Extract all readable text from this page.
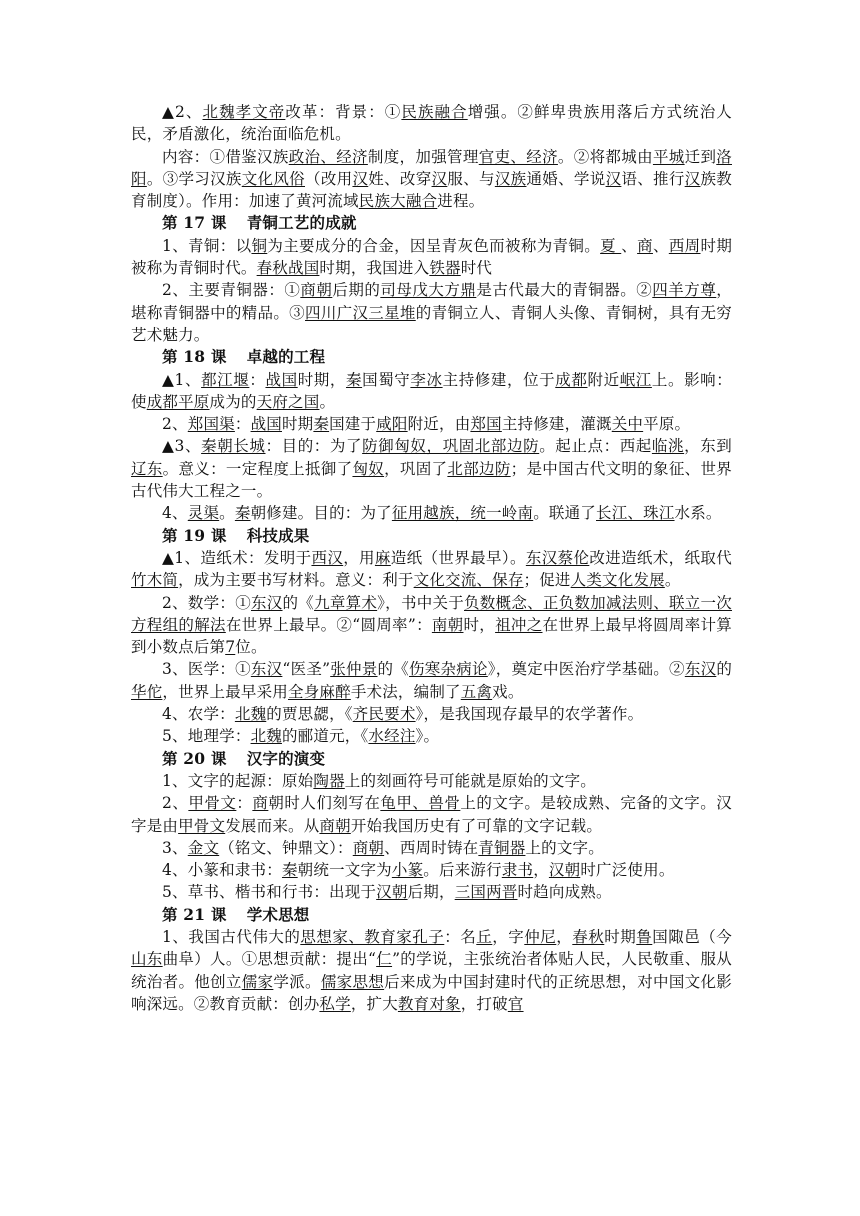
▲2、北魏孝文帝改革：背景：①民族融合增强。②鲜卑贵族用落后方式统治人民，矛盾激化，统治面临危机。

内容：①借鉴汉族政治、经济制度，加强管理官吏、经济。②将都城由平城迁到洛阳。③学习汉族文化风俗（改用汉姓、改穿汉服、与汉族通婚、学说汉语、推行汉族教育制度）。作用：加速了黄河流域民族大融合进程。

第 17 课 青铜工艺的成就

1、青铜：以铜为主要成分的合金，因呈青灰色而被称为青铜。夏 、商、西周时期被称为青铜时代。春秋战国时期，我国进入铁器时代

2、主要青铜器：①商朝后期的司母戊大方鼎是古代最大的青铜器。②四羊方尊，堪称青铜器中的精品。③四川广汉三星堆的青铜立人、青铜人头像、青铜树，具有无穷艺术魅力。

第 18 课 卓越的工程

▲1、都江堰：战国时期，秦国蜀守李冰主持修建，位于成都附近岷江上。影响：使成都平原成为的天府之国。

2、郑国渠：战国时期秦国建于咸阳附近，由郑国主持修建，灌溉关中平原。

▲3、秦朝长城：目的：为了防御匈奴，巩固北部边防。起止点：西起临洮，东到辽东。意义：一定程度上抵御了匈奴，巩固了北部边防；是中国古代文明的象征、世界古代伟大工程之一。

4、灵渠。秦朝修建。目的：为了征用越族，统一岭南。联通了长江、珠江水系。

第 19 课 科技成果

▲1、造纸术：发明于西汉，用麻造纸（世界最早）。东汉蔡伦改进造纸术，纸取代竹木简，成为主要书写材料。意义：利于文化交流、保存；促进人类文化发展。

2、数学：①东汉的《九章算术》，书中关于负数概念、正负数加减法则、联立一次方程组的解法在世界上最早。②“圆周率”：南朝时，祖冲之在世界上最早将圆周率计算到小数点后第7位。

3、医学：①东汉“医圣”张仲景的《伤寒杂病论》，奠定中医治疗学基础。②东汉的华佗，世界上最早采用全身麻醉手术法，编制了五禽戏。

4、农学：北魏的贾思勰，《齐民要术》，是我国现存最早的农学著作。

5、地理学：北魏的郦道元，《水经注》。

第 20 课 汉字的演变

1、文字的起源：原始陶器上的刻画符号可能就是原始的文字。

2、甲骨文：商朝时人们刻写在龟甲、兽骨上的文字。是较成熟、完备的文字。汉字是由甲骨文发展而来。从商朝开始我国历史有了可靠的文字记载。

3、金文（铭文、钟鼎文）：商朝、西周时铸在青铜器上的文字。

4、小篆和隶书：秦朝统一文字为小篆。后来游行隶书，汉朝时广泛使用。

5、草书、楷书和行书：出现于汉朝后期，三国两晋时趋向成熟。

第 21 课 学术思想

1、我国古代伟大的思想家、教育家孔子：名丘，字仲尼，春秋时期鲁国陬邑（今山东曲阜）人。①思想贡献：提出“仁”的学说，主张统治者体贴人民，人民敬重、服从统治者。他创立儒家学派。儒家思想后来成为中国封建时代的正统思想，对中国文化影响深远。②教育贡献：创办私学，扩大教育对象，打破官
